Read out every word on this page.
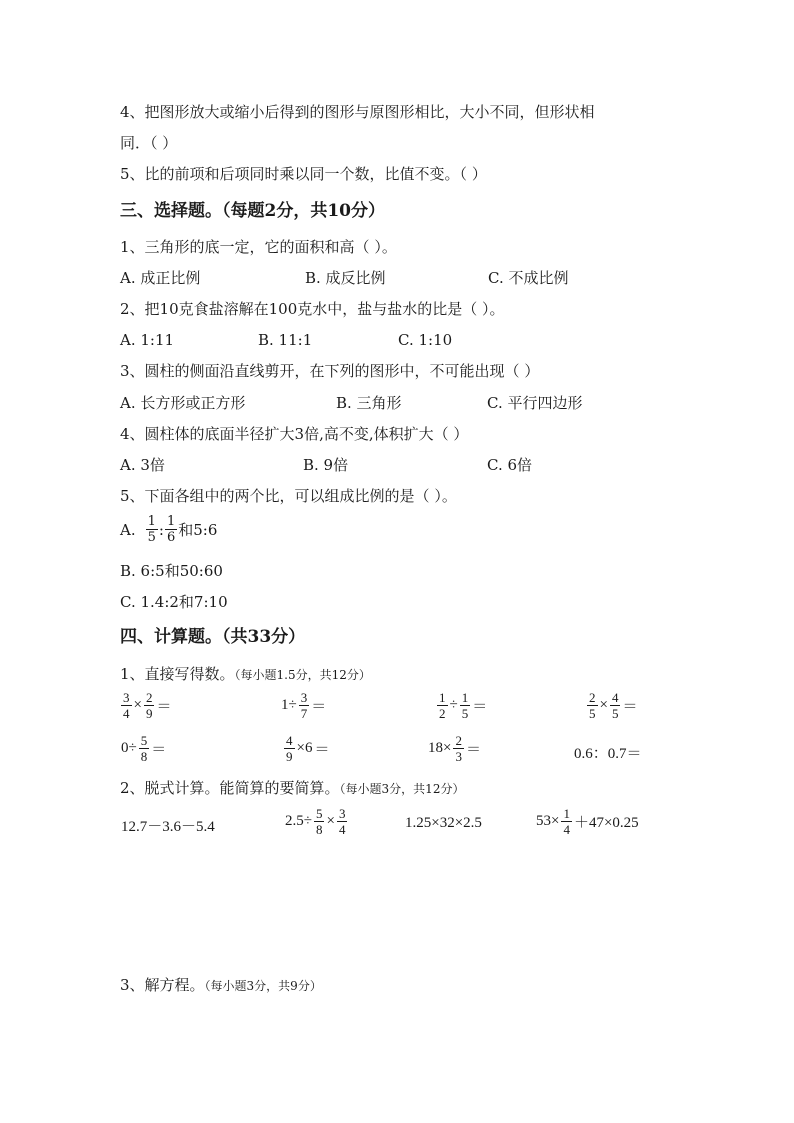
4、把图形放大或缩小后得到的图形与原图形相比，大小不同，但形状相
同．（ ）
5、比的前项和后项同时乘以同一个数，比值不变。（ ）
三、选择题。（每题2分，共10分）
1、三角形的底一定，它的面积和高（ ）。
A. 成正比例	B. 成反比例	C. 不成比例
2、把10克食盐溶解在100克水中，盐与盐水的比是（ ）。
A. 1:11	B. 11:1	C. 1:10
3、圆柱的侧面沿直线剪开，在下列的图形中，不可能出现（ ）
A. 长方形或正方形	B. 三角形	C. 平行四边形
4、圆柱体的底面半径扩大3倍,高不变,体积扩大（ ）
A. 3倍	B. 9倍	C. 6倍
5、下面各组中的两个比，可以组成比例的是（ ）。
A. $\frac{1}{5}$ : $\frac{1}{6}$ 和5:6
B. 6:5和50:60
C. 1.4:2和7:10
四、计算题。（共33分）
1、直接写得数。（每小题1.5分，共12分）
$\frac{3}{4} \times \frac{2}{9}$ ＝	$1\div \frac{3}{7}$ ＝	$\frac{1}{2} \div \frac{1}{5}$ ＝	$\frac{2}{5} \times \frac{4}{5}$ ＝
$0\div \frac{5}{8}$ ＝	$\frac{4}{9} \times 6$ ＝	$18\times \frac{2}{3}$ ＝	0.6：0.7＝
2、脱式计算。能简算的要简算。（每小题3分，共12分）
12.7－3.6－5.4	$2.5\div \frac{5}{8} \times \frac{3}{4}$	1.25×32×2.5	$53\times \frac{1}{4} +47\times 0.25$
3、解方程。（每小题3分，共9分）
